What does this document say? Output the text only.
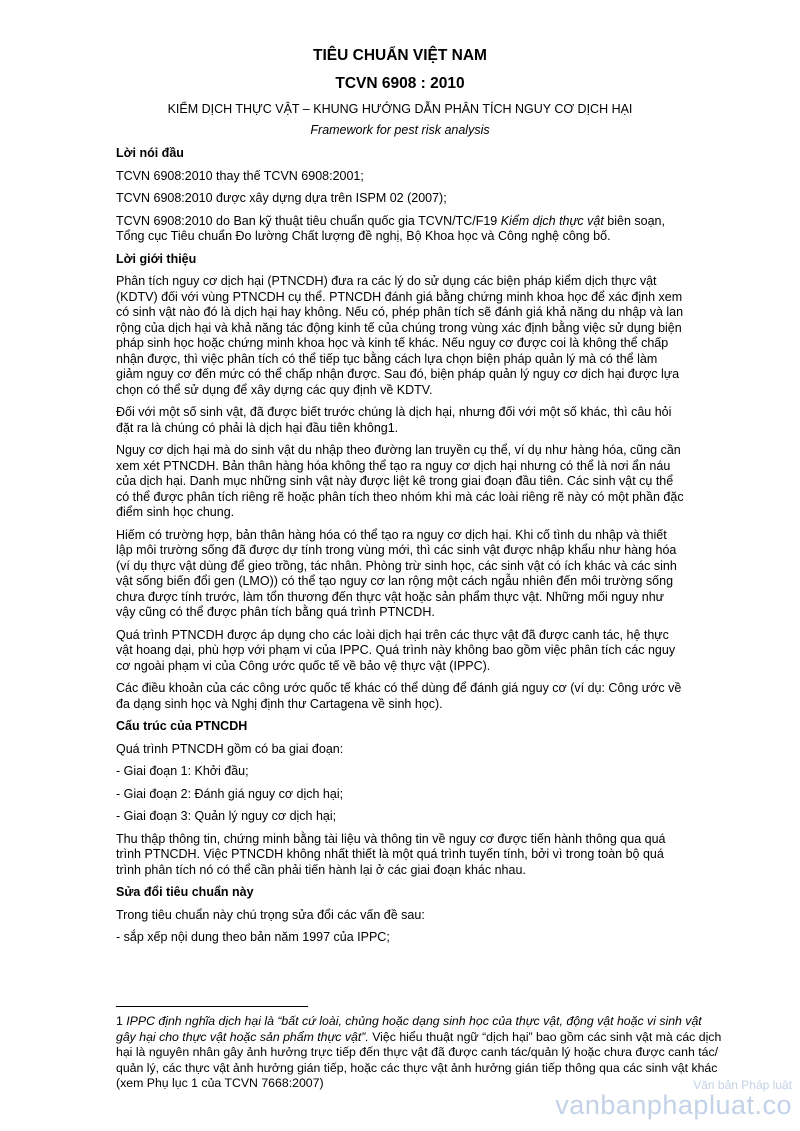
TIÊU CHUẨN VIỆT NAM
TCVN 6908 : 2010
KIỂM DỊCH THỰC VẬT – KHUNG HƯỚNG DẪN PHÂN TÍCH NGUY CƠ DỊCH HẠI
Framework for pest risk analysis
Lời nói đầu
TCVN 6908:2010 thay thế TCVN 6908:2001;
TCVN 6908:2010 được xây dựng dựa trên ISPM 02 (2007);
TCVN 6908:2010 do Ban kỹ thuật tiêu chuẩn quốc gia TCVN/TC/F19 Kiểm dịch thực vật biên soạn, Tổng cục Tiêu chuẩn Đo lường Chất lượng đề nghị, Bộ Khoa học và Công nghệ công bố.
Lời giới thiệu
Phân tích nguy cơ dịch hại (PTNCDH) đưa ra các lý do sử dụng các biện pháp kiểm dịch thực vật (KDTV) đối với vùng PTNCDH cụ thể. PTNCDH đánh giá bằng chứng minh khoa học để xác định xem có sinh vật nào đó là dịch hại hay không. Nếu có, phép phân tích sẽ đánh giá khả năng du nhập và lan rộng của dịch hại và khả năng tác động kinh tế của chúng trong vùng xác định bằng việc sử dụng biện pháp sinh học hoặc chứng minh khoa học và kinh tế khác. Nếu nguy cơ được coi là không thể chấp nhận được, thì việc phân tích có thể tiếp tục bằng cách lựa chọn biện pháp quản lý mà có thể làm giảm nguy cơ đến mức có thể chấp nhận được. Sau đó, biện pháp quản lý nguy cơ dịch hại được lựa chọn có thể sử dụng để xây dựng các quy định về KDTV.
Đối với một số sinh vật, đã được biết trước chúng là dịch hại, nhưng đối với một số khác, thì câu hỏi đặt ra là chúng có phải là dịch hại đầu tiên không1.
Nguy cơ dịch hại mà do sinh vật du nhập theo đường lan truyền cụ thể, ví dụ như hàng hóa, cũng cần xem xét PTNCDH. Bản thân hàng hóa không thể tạo ra nguy cơ dịch hại nhưng có thể là nơi ẩn náu của dịch hại. Danh mục những sinh vật này được liệt kê trong giai đoạn đầu tiên. Các sinh vật cụ thể có thể được phân tích riêng rẽ hoặc phân tích theo nhóm khi mà các loài riêng rẽ này có một phần đặc điểm sinh học chung.
Hiếm có trường hợp, bản thân hàng hóa có thể tạo ra nguy cơ dịch hại. Khi cố tình du nhập và thiết lập môi trường sống đã được dự tính trong vùng mới, thì các sinh vật được nhập khẩu như hàng hóa (ví dụ thực vật dùng để gieo trồng, tác nhân. Phòng trừ sinh học, các sinh vật có ích khác và các sinh vật sống biến đổi gen (LMO)) có thể tạo nguy cơ lan rộng một cách ngẫu nhiên đến môi trường sống chưa được tính trước, làm tổn thương đến thực vật hoặc sản phẩm thực vật. Những mối nguy như vậy cũng có thể được phân tích bằng quá trình PTNCDH.
Quá trình PTNCDH được áp dụng cho các loài dịch hại trên các thực vật đã được canh tác, hệ thực vật hoang dại, phù hợp với phạm vi của IPPC. Quá trình này không bao gồm việc phân tích các nguy cơ ngoài phạm vi của Công ước quốc tế về bảo vệ thực vật (IPPC).
Các điều khoản của các công ước quốc tế khác có thể dùng để đánh giá nguy cơ (ví dụ: Công ước về đa dạng sinh học và Nghị định thư Cartagena về sinh học).
Cấu trúc của PTNCDH
Quá trình PTNCDH gồm có ba giai đoạn:
- Giai đoạn 1: Khởi đầu;
- Giai đoạn 2: Đánh giá nguy cơ dịch hại;
- Giai đoạn 3: Quản lý nguy cơ dịch hại;
Thu thập thông tin, chứng minh bằng tài liệu và thông tin về nguy cơ được tiến hành thông qua quá trình PTNCDH. Việc PTNCDH không nhất thiết là một quá trình tuyến tính, bởi vì trong toàn bộ quá trình phân tích nó có thể cần phải tiến hành lại ở các giai đoạn khác nhau.
Sửa đổi tiêu chuẩn này
Trong tiêu chuẩn này chú trọng sửa đổi các vấn đề sau:
- sắp xếp nội dung theo bản năm 1997 của IPPC;
1 IPPC định nghĩa dịch hại là “bất cứ loài, chủng hoặc dạng sinh học của thực vật, động vật hoặc vi sinh vật gây hại cho thực vật hoặc sản phẩm thực vật”. Việc hiểu thuật ngữ “dịch hại” bao gồm các sinh vật mà các dịch hại là nguyên nhân gây ảnh hưởng trực tiếp đến thực vật đã được canh tác/quản lý hoặc chưa được canh tác/ quản lý, các thực vật ảnh hưởng gián tiếp, hoặc các thực vật ảnh hưởng gián tiếp thông qua các sinh vật khác (xem Phụ lục 1 của TCVN 7668:2007)	Văn bản Pháp luật
vanbanphapluat.co
